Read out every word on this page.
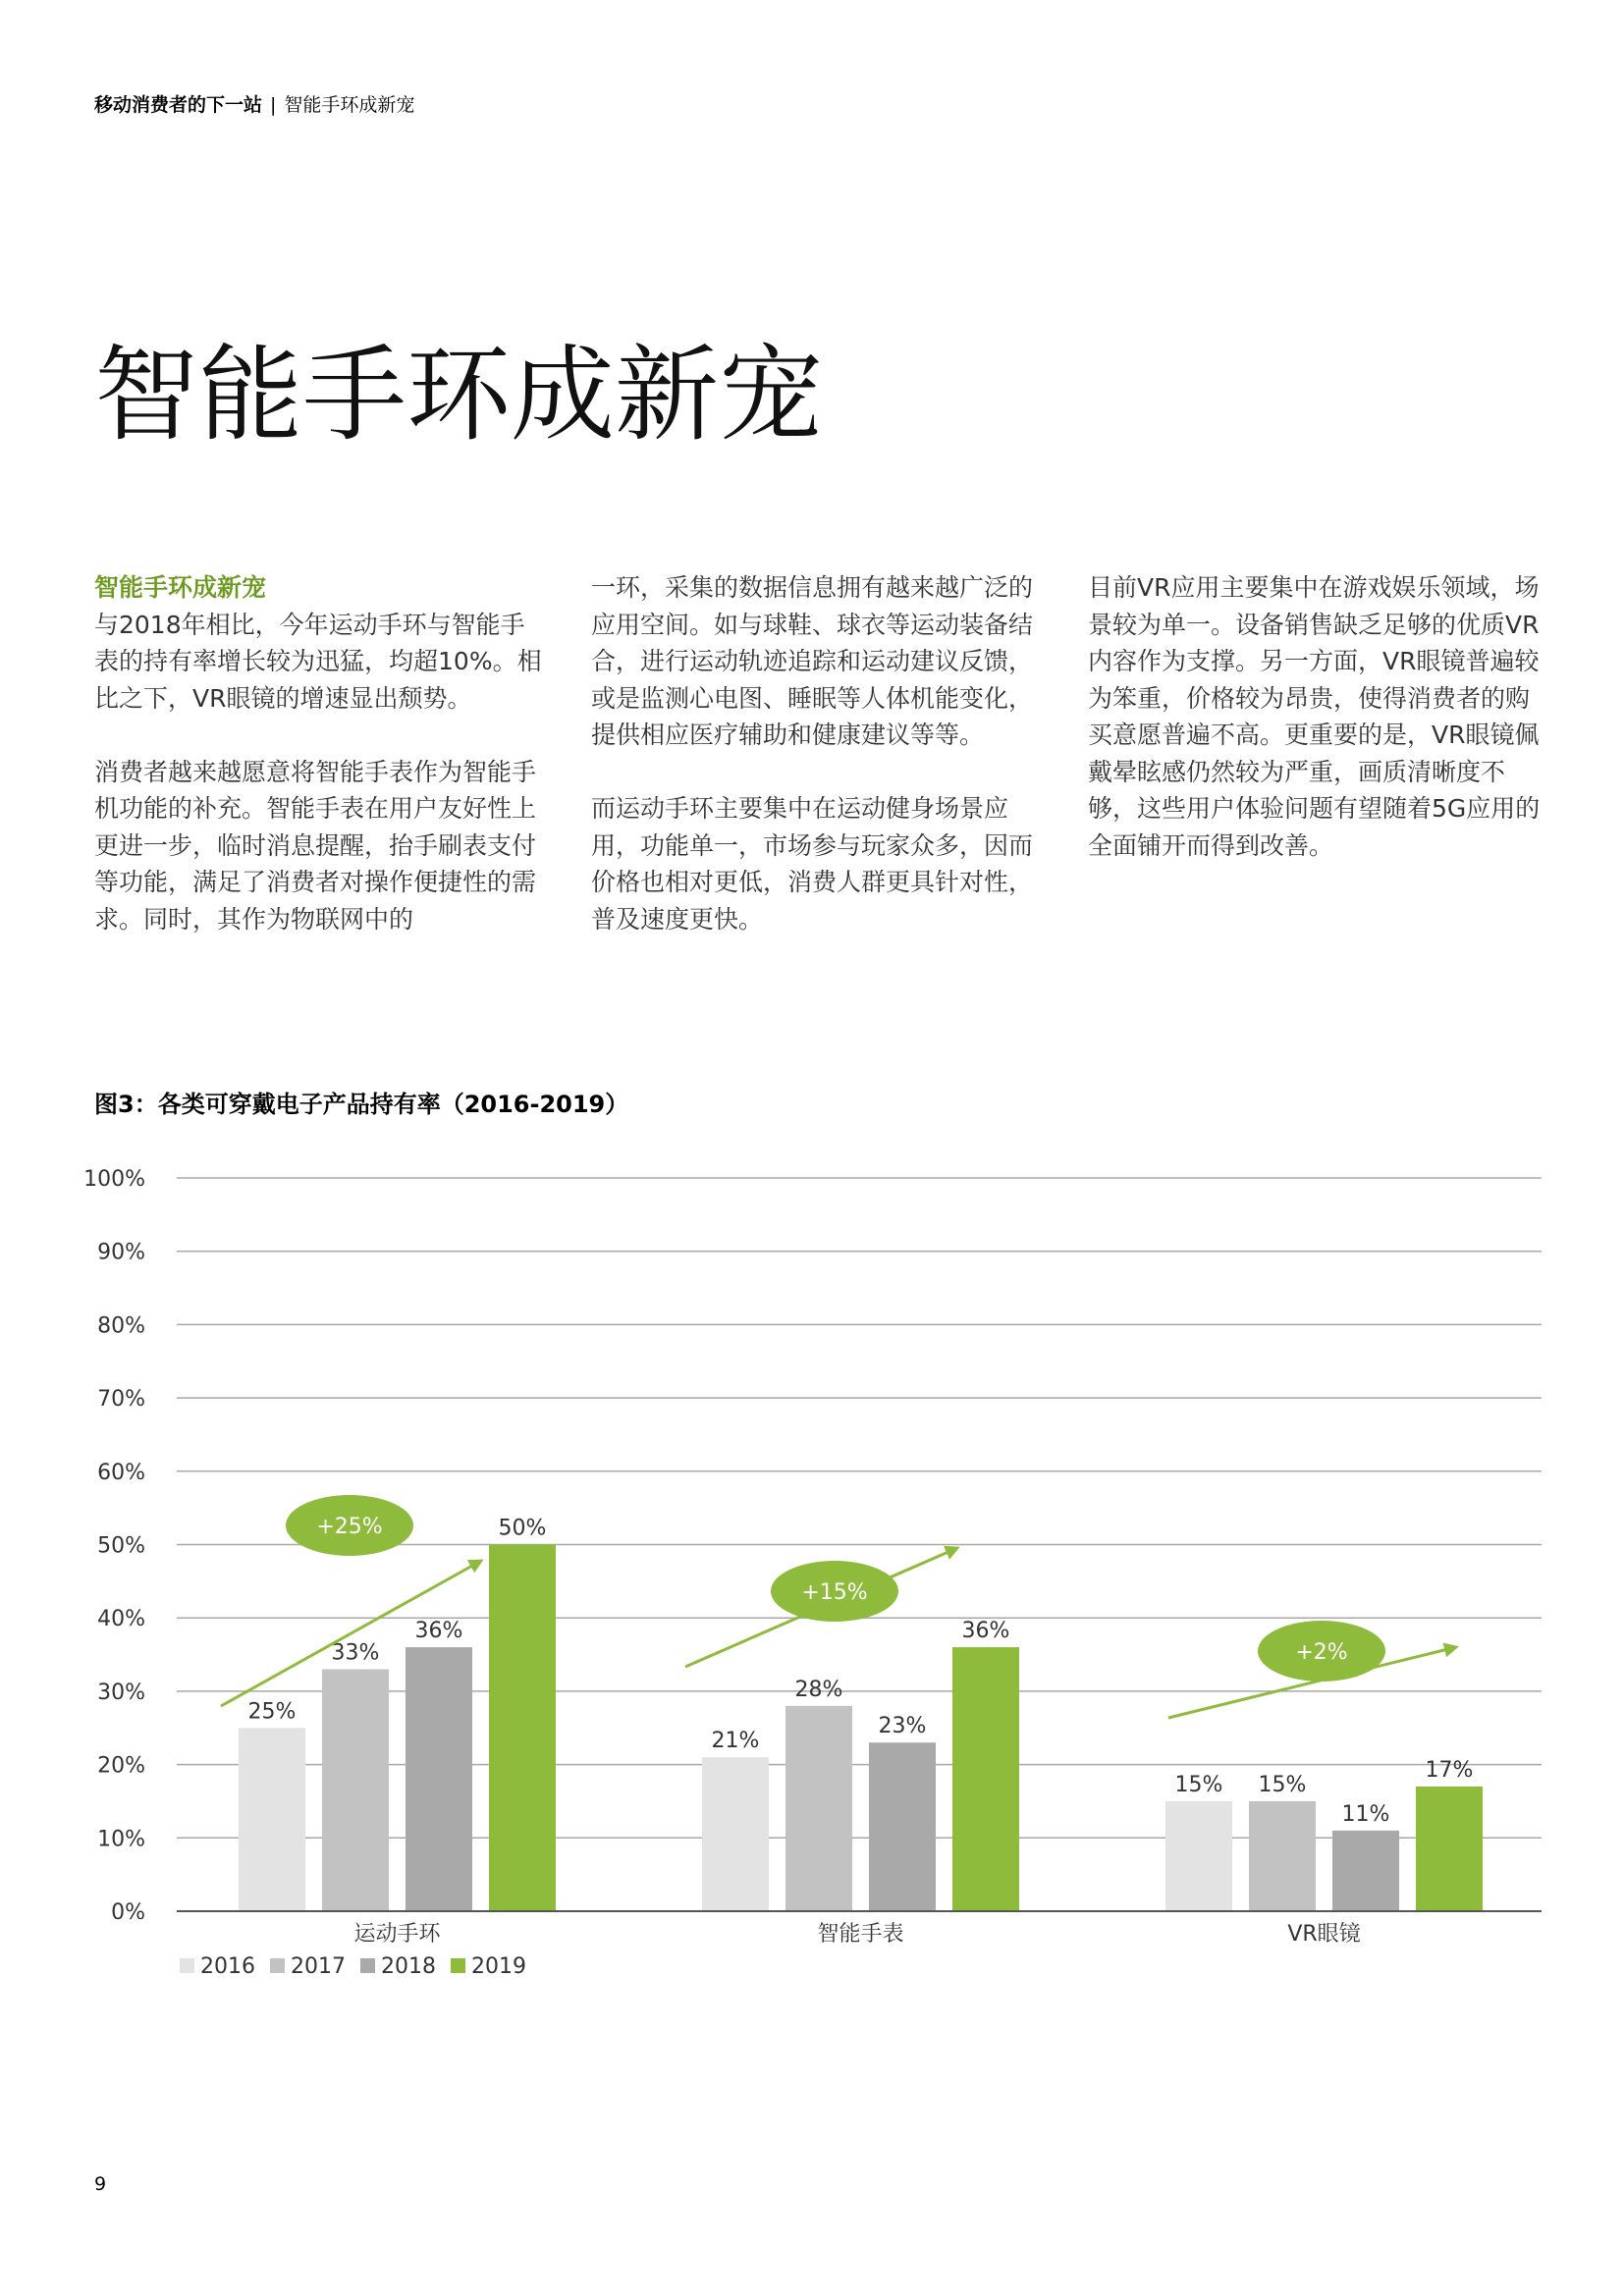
移动消费者的下一站 | 智能手环成新宠
智能手环成新宠
智能手环成新宠

与2018年相比，今年运动手环与智能手表的持有率增长较为迅猛，均超10%。相比之下，VR眼镜的增速显出颓势。

消费者越来越愿意将智能手表作为智能手机功能的补充。智能手表在用户友好性上更进一步，临时消息提醒，抬手刷表支付等功能，满足了消费者对操作便捷性的需求。同时，其作为物联网中的

一环，采集的数据信息拥有越来越广泛的应用空间。如与球鞋、球衣等运动装备结合，进行运动轨迹追踪和运动建议反馈，或是监测心电图、睡眠等人体机能变化，提供相应医疗辅助和健康建议等等。

而运动手环主要集中在运动健身场景应用，功能单一，市场参与玩家众多，因而价格也相对更低，消费人群更具针对性，普及速度更快。

目前VR应用主要集中在游戏娱乐领域，场景较为单一。设备销售缺乏足够的优质VR内容作为支撑。另一方面，VR眼镜普遍较为笨重，价格较为昂贵，使得消费者的购买意愿普遍不高。更重要的是，VR眼镜佩戴晕眩感仍然较为严重，画质清晰度不够，这些用户体验问题有望随着5G应用的全面铺开而得到改善。

图3：各类可穿戴电子产品持有率（2016-2019）
0%
10%
20%
30%
40%
50%
60%
70%
80%
90%
100%
25%
33%
36%
50%
运动手环
21%
28%
23%
36%
智能手表
15% 15%
11%
17%
VR眼镜
+25%
+15%
+2%
2016 2017 2018 2019
9
